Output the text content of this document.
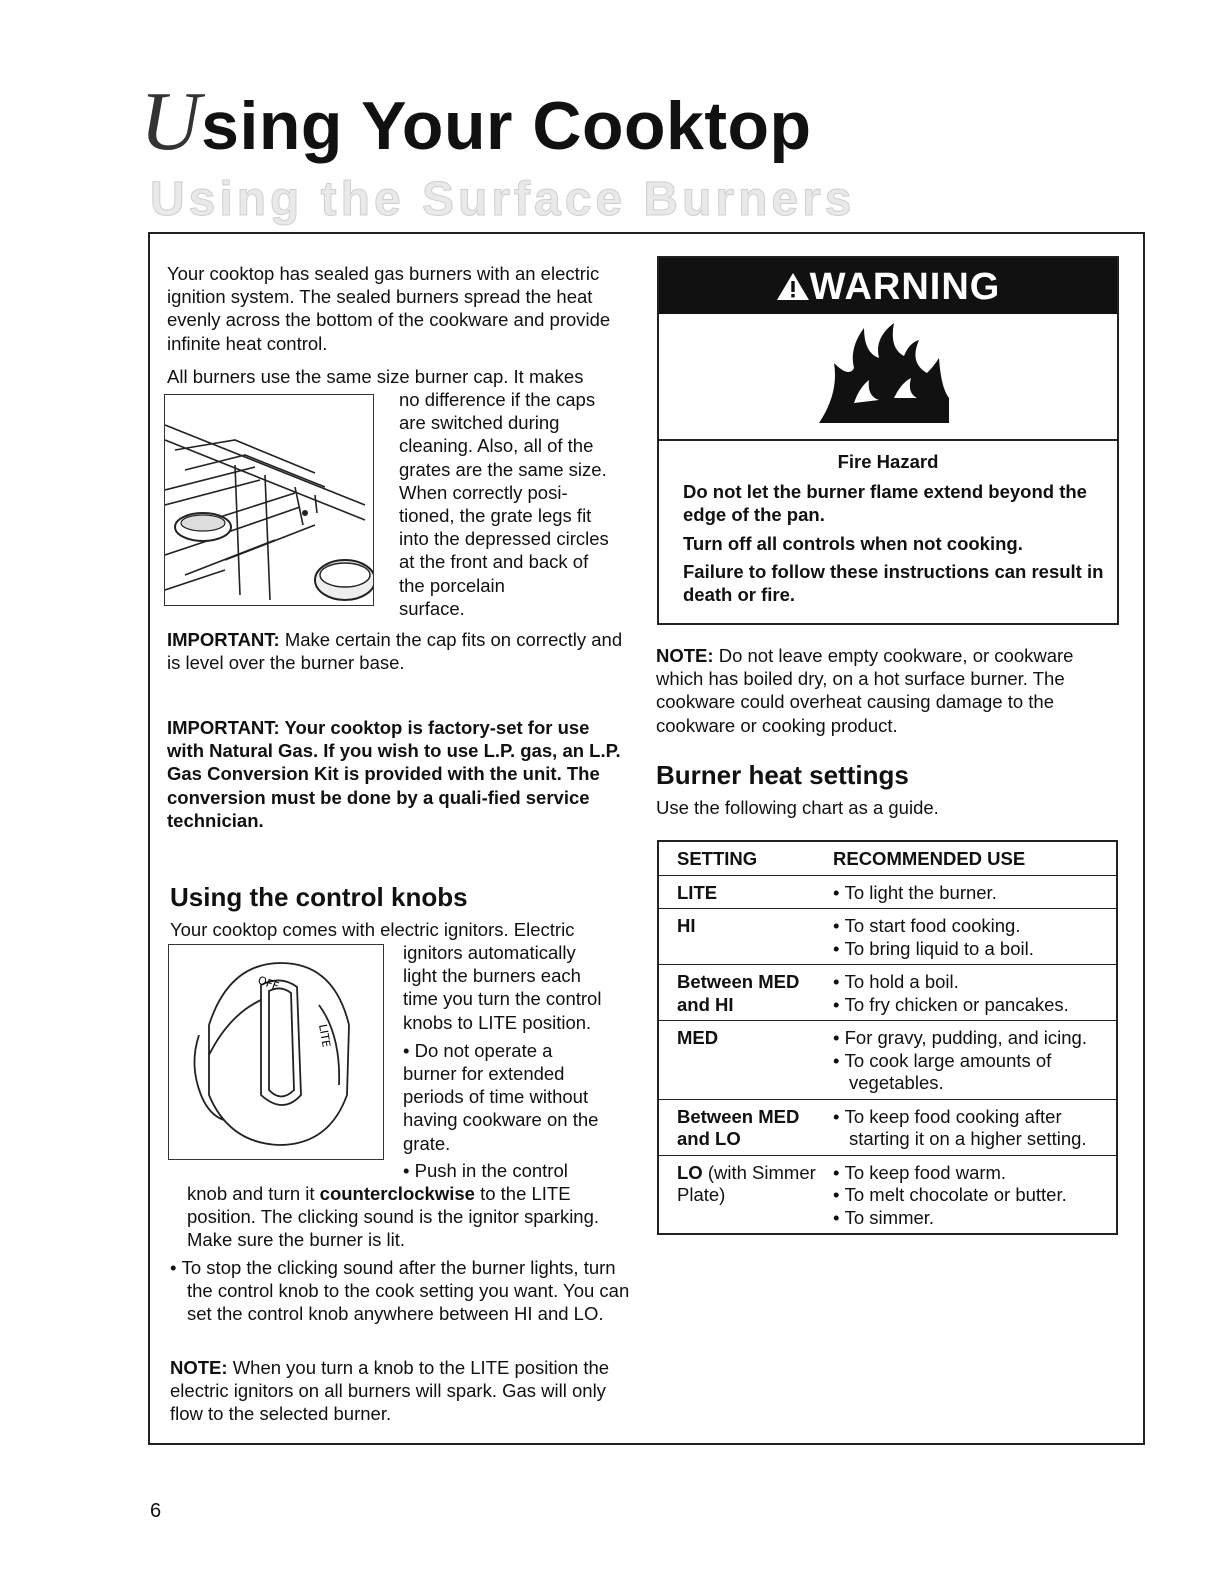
Using Your Cooktop
Using the Surface Burners

Your cooktop has sealed gas burners with an electric ignition system. The sealed burners spread the heat evenly across the bottom of the cookware and provide infinite heat control.

All burners use the same size burner cap. It makes

no difference if the caps

are switched during

cleaning. Also, all of the

grates are the same size.

When correctly posi-

tioned, the grate legs fit

into the depressed circles

at the front and back of

the porcelain

surface.

IMPORTANT: Make certain the cap fits on correctly and is level over the burner base.

IMPORTANT: Your cooktop is factory-set for use with Natural Gas. If you wish to use L.P. gas, an L.P. Gas Conversion Kit is provided with the unit. The conversion must be done by a quali-fied service technician.

Using the control knobs

Your cooktop comes with electric ignitors. Electric

OFF
LITE

ignitors automatically

light the burners each

time you turn the control

knobs to LITE position.

• Do not operate a

burner for extended

periods of time without

having cookware on the

grate.

• Push in the control

knob and turn it counterclockwise to the LITE position. The clicking sound is the ignitor sparking. Make sure the burner is lit.

• To stop the clicking sound after the burner lights, turn the control knob to the cook setting you want. You can set the control knob anywhere between HI and LO.

NOTE: When you turn a knob to the LITE position the electric ignitors on all burners will spark. Gas will only flow to the selected burner.

WARNING
Fire Hazard
Do not let the burner flame extend beyond the edge of the pan.
Turn off all controls when not cooking.
Failure to follow these instructions can result in death or fire.

NOTE: Do not leave empty cookware, or cookware which has boiled dry, on a hot surface burner. The cookware could overheat causing damage to the cookware or cooking product.

Burner heat settings

Use the following chart as a guide.

SETTING	RECOMMENDED USE
LITE	• To light the burner.

HI	• To start food cooking.
• To bring liquid to a boil.

Between MED and HI	• To hold a boil.
• To fry chicken or pancakes.

MED	• For gravy, pudding, and icing.
• To cook large amounts of vegetables.

Between MED and LO	• To keep food cooking after starting it on a higher setting.

LO (with Simmer Plate)	• To keep food warm.
• To melt chocolate or butter.
• To simmer.
6
